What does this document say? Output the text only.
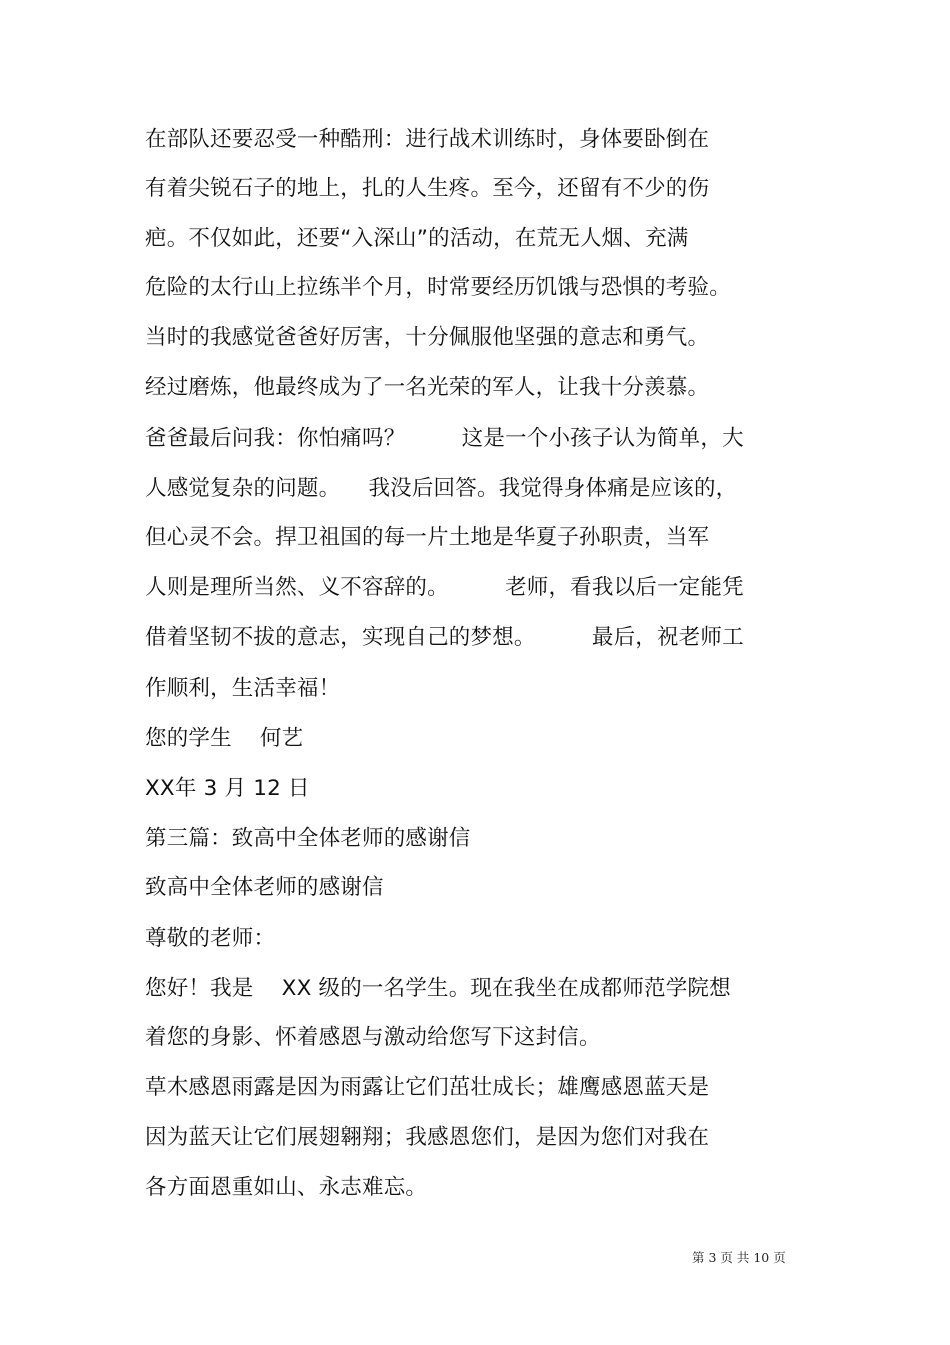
在部队还要忍受一种酷刑：进行战术训练时，身体要卧倒在
有着尖锐石子的地上，扎的人生疼。至今，还留有不少的伤
疤。不仅如此，还要“入深山”的活动，在荒无人烟、充满
危险的太行山上拉练半个月，时常要经历饥饿与恐惧的考验。
当时的我感觉爸爸好厉害，十分佩服他坚强的意志和勇气。
经过磨炼，他最终成为了一名光荣的军人，让我十分羡慕。
爸爸最后问我：你怕痛吗？        这是一个小孩子认为简单，大
人感觉复杂的问题。    我没后回答。我觉得身体痛是应该的，
但心灵不会。捍卫祖国的每一片土地是华夏子孙职责，当军
人则是理所当然、义不容辞的。        老师，看我以后一定能凭
借着坚韧不拔的意志，实现自己的梦想。        最后，祝老师工
作顺利，生活幸福！
您的学生    何艺
XX年 3 月 12 日
第三篇：致高中全体老师的感谢信
致高中全体老师的感谢信
尊敬的老师：
您好！我是    XX 级的一名学生。现在我坐在成都师范学院想
着您的身影、怀着感恩与激动给您写下这封信。
草木感恩雨露是因为雨露让它们茁壮成长；雄鹰感恩蓝天是
因为蓝天让它们展翅翱翔；我感恩您们，是因为您们对我在
各方面恩重如山、永志难忘。
第 3 页 共 10 页
